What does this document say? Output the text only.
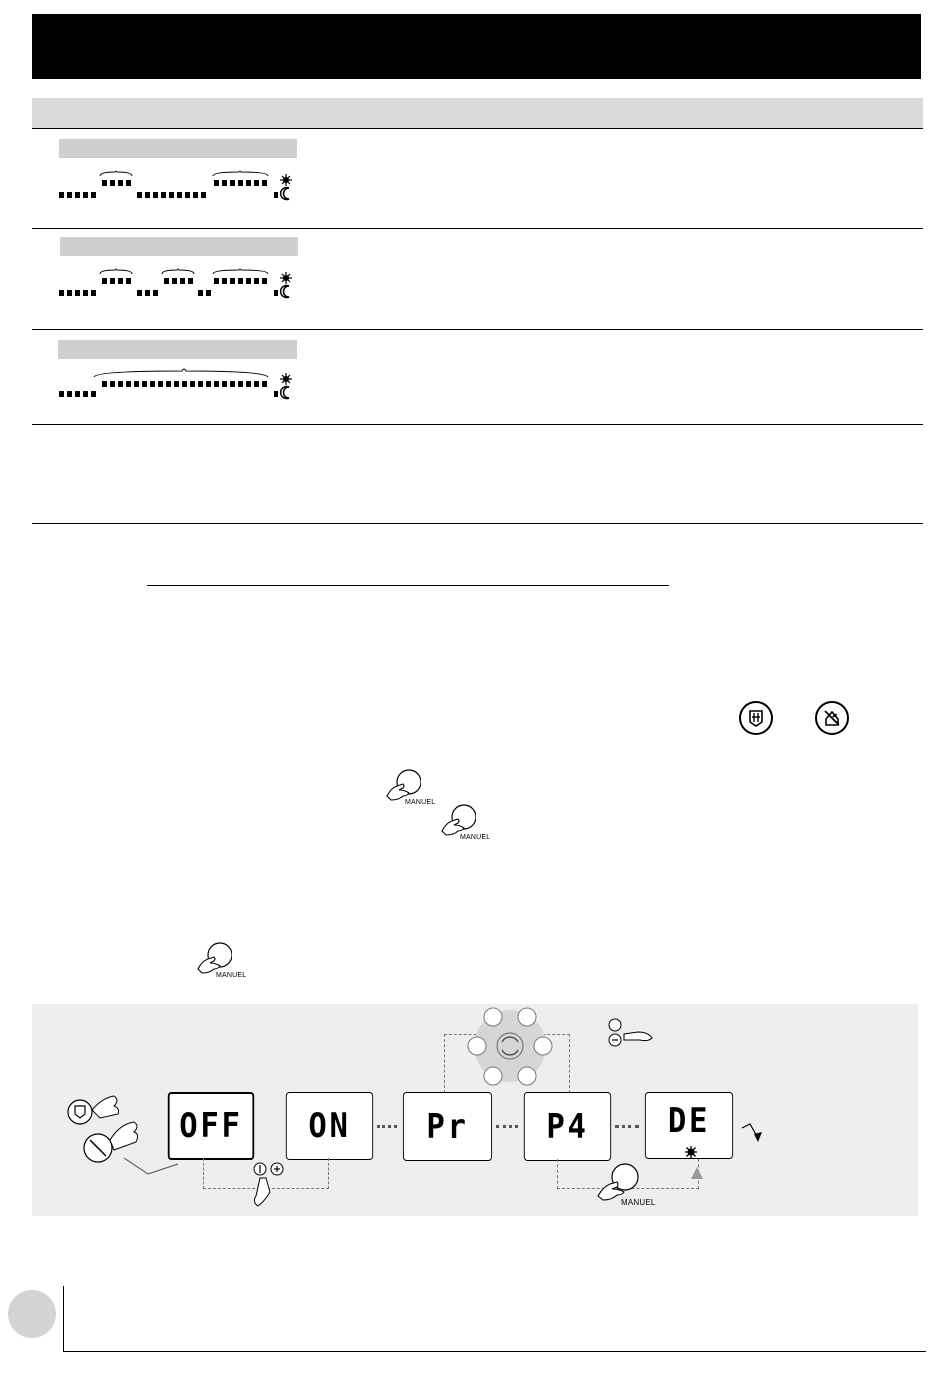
MANUEL
MANUEL
MANUEL
OFF ON Pr P4 DE
MANUEL
